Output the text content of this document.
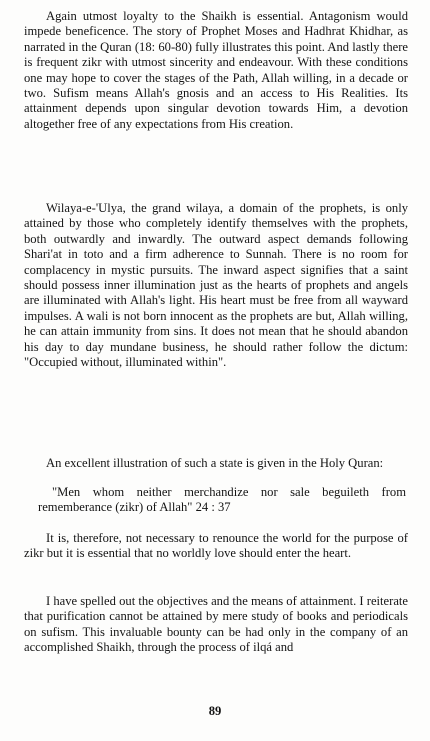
Again utmost loyalty to the Shaikh is essential. Antagonism would impede beneficence. The story of Prophet Moses and Hadhrat Khidhar, as narrated in the Quran (18: 60-80) fully illustrates this point. And lastly there is frequent zikr with utmost sincerity and endeavour. With these conditions one may hope to cover the stages of the Path, Allah willing, in a decade or two. Sufism means Allah's gnosis and an access to His Realities. Its attainment depends upon singular devotion towards Him, a devotion altogether free of any expectations from His creation.

Wilaya-e-'Ulya, the grand wilaya, a domain of the prophets, is only attained by those who completely identify themselves with the prophets, both outwardly and inwardly. The outward aspect demands following Shari'at in toto and a firm adherence to Sunnah. There is no room for complacency in mystic pursuits. The inward aspect signifies that a saint should possess inner illumination just as the hearts of prophets and angels are illuminated with Allah's light. His heart must be free from all wayward impulses. A wali is not born innocent as the prophets are but, Allah willing, he can attain immunity from sins. It does not mean that he should abandon his day to day mundane business, he should rather follow the dictum: "Occupied without, illuminated within".

An excellent illustration of such a state is given in the Holy Quran:

"Men whom neither merchandize nor sale beguileth from rememberance (zikr) of Allah" 24 : 37

It is, therefore, not necessary to renounce the world for the purpose of zikr but it is essential that no worldly love should enter the heart.

I have spelled out the objectives and the means of attainment. I reiterate that purification cannot be attained by mere study of books and periodicals on sufism. This invaluable bounty can be had only in the company of an accomplished Shaikh, through the process of ilqá and

89
